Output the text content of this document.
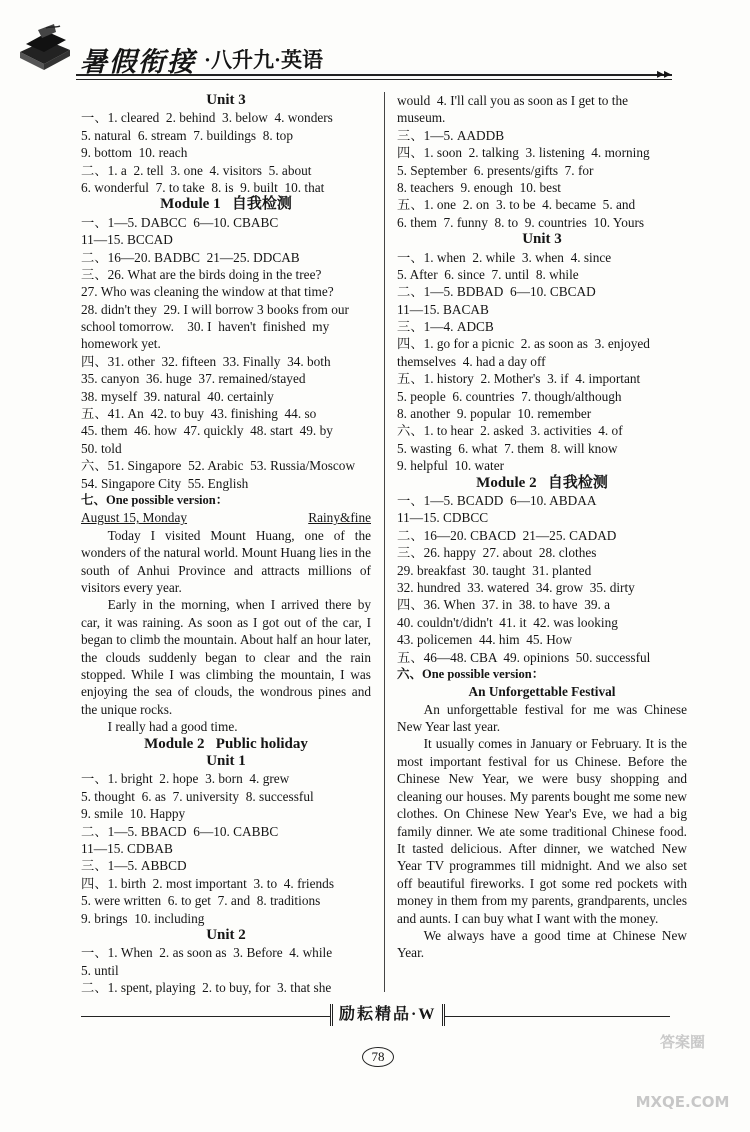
暑假衔接 ·八升九·英语
▸▸
Unit 3
一、1. cleared  2. behind  3. below  4. wonders
5. natural  6. stream  7. buildings  8. top
9. bottom  10. reach
二、1. a  2. tell  3. one  4. visitors  5. about
6. wonderful  7. to take  8. is  9. built  10. that
Module 1   自我检测
一、1—5. DABCC  6—10. CBABC
11—15. BCCAD
二、16—20. BADBC  21—25. DDCAB
三、26. What are the birds doing in the tree?
27. Who was cleaning the window at that time?
28. didn't they  29. I will borrow 3 books from our
school tomorrow.    30. I  haven't  finished  my
homework yet.
四、31. other  32. fifteen  33. Finally  34. both
35. canyon  36. huge  37. remained/stayed
38. myself  39. natural  40. certainly
五、41. An  42. to buy  43. finishing  44. so
45. them  46. how  47. quickly  48. start  49. by
50. told
六、51. Singapore  52. Arabic  53. Russia/Moscow
54. Singapore City  55. English
七、One possible version：
August 15, Monday	Rainy&fine

Today I visited Mount Huang, one of the wonders of the natural world. Mount Huang lies in the south of Anhui Province and attracts millions of visitors every year.

Early in the morning, when I arrived there by car, it was raining. As soon as I got out of the car, I began to climb the mountain. About half an hour later, the clouds suddenly began to clear and the rain stopped. While I was climbing the mountain, I was enjoying the sea of clouds, the wondrous pines and the unique rocks.

I really had a good time.

Module 2   Public holiday
Unit 1
一、1. bright  2. hope  3. born  4. grew
5. thought  6. as  7. university  8. successful
9. smile  10. Happy
二、1—5. BBACD  6—10. CABBC
11—15. CDBAB
三、1—5. ABBCD
四、1. birth  2. most important  3. to  4. friends
5. were written  6. to get  7. and  8. traditions
9. brings  10. including
Unit 2
一、1. When  2. as soon as  3. Before  4. while
5. until
二、1. spent, playing  2. to buy, for  3. that she
would  4. I'll call you as soon as I get to the
museum.
三、1—5. AADDB
四、1. soon  2. talking  3. listening  4. morning
5. September  6. presents/gifts  7. for
8. teachers  9. enough  10. best
五、1. one  2. on  3. to be  4. became  5. and
6. them  7. funny  8. to  9. countries  10. Yours
Unit 3
一、1. when  2. while  3. when  4. since
5. After  6. since  7. until  8. while
二、1—5. BDBAD  6—10. CBCAD
11—15. BACAB
三、1—4. ADCB
四、1. go for a picnic  2. as soon as  3. enjoyed
themselves  4. had a day off
五、1. history  2. Mother's  3. if  4. important
5. people  6. countries  7. though/although
8. another  9. popular  10. remember
六、1. to hear  2. asked  3. activities  4. of
5. wasting  6. what  7. them  8. will know
9. helpful  10. water
Module 2   自我检测
一、1—5. BCADD  6—10. ABDAA
11—15. CDBCC
二、16—20. CBACD  21—25. CADAD
三、26. happy  27. about  28. clothes
29. breakfast  30. taught  31. planted
32. hundred  33. watered  34. grow  35. dirty
四、36. When  37. in  38. to have  39. a
40. couldn't/didn't  41. it  42. was looking
43. policemen  44. him  45. How
五、46—48. CBA  49. opinions  50. successful
六、One possible version：
An Unforgettable Festival

An unforgettable festival for me was Chinese New Year last year.

It usually comes in January or February. It is the most important festival for us Chinese. Before the Chinese New Year, we were busy shopping and cleaning our houses. My parents bought me some new clothes. On Chinese New Year's Eve, we had a big family dinner. We ate some traditional Chinese food. It tasted delicious. After dinner, we watched New Year TV programmes till midnight. And we also set off beautiful fireworks. I got some red pockets with money in them from my parents, grandparents, uncles and aunts. I can buy what I want with the money.

We always have a good time at Chinese New Year.

励耘精品·W
78
答案圈 MXQE.COM
